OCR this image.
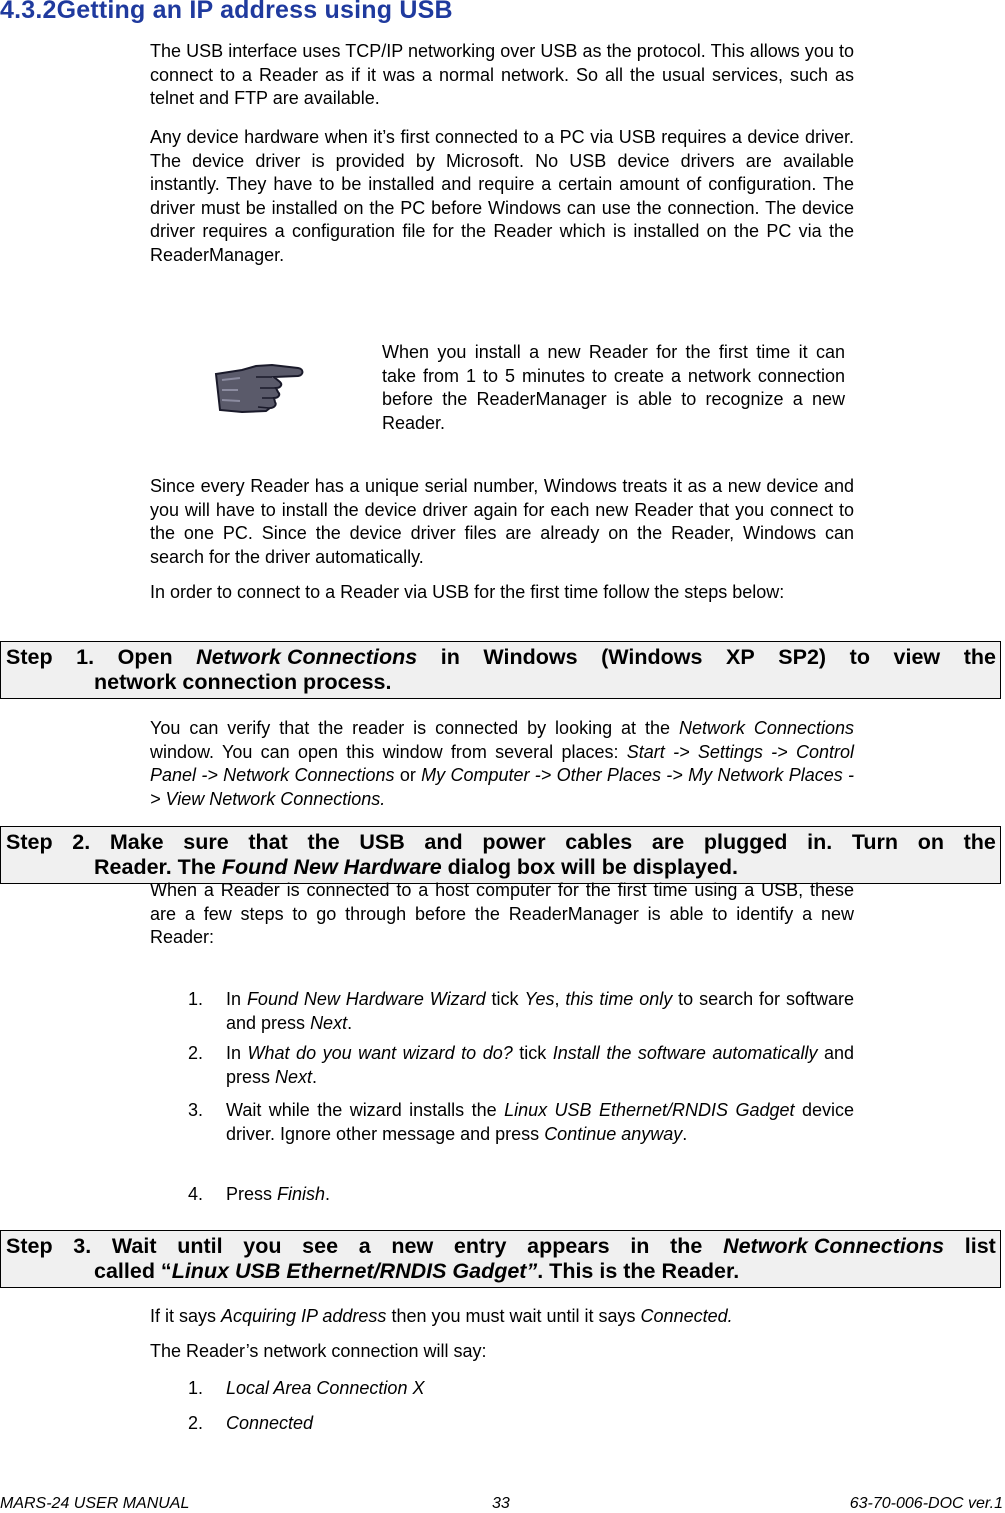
4.3.2Getting an IP address using USB

The USB interface uses TCP/IP networking over USB as the protocol. This allows you to connect to a Reader as if it was a normal network. So all the usual services, such as telnet and FTP are available.

Any device hardware when it’s first connected to a PC via USB requires a device driver. The device driver is provided by Microsoft. No USB device drivers are available instantly. They have to be installed and require a certain amount of configuration. The driver must be installed on the PC before Windows can use the connection. The device driver requires a configuration file for the Reader which is installed on the PC via the ReaderManager.

When you install a new Reader for the first time it can take from 1 to 5 minutes to create a network connection before the ReaderManager is able to recognize a new Reader.

Since every Reader has a unique serial number, Windows treats it as a new device and you will have to install the device driver again for each new Reader that you connect to the one PC. Since the device driver files are already on the Reader, Windows can search for the driver automatically.

In order to connect to a Reader via USB for the first time follow the steps below:

Step 1. Open Network Connections in Windows (Windows XP SP2) to view the
network connection process.

You can verify that the reader is connected by looking at the Network Connections window. You can open this window from several places: Start -> Settings -> Control Panel -> Network Connections or My Computer -> Other Places -> My Network Places -> View Network Connections.

Step 2. Make sure that the USB and power cables are plugged in. Turn on the
Reader. The Found New Hardware dialog box will be displayed.

When a Reader is connected to a host computer for the first time using a USB, these are a few steps to go through before the ReaderManager is able to identify a new Reader:

1. In Found New Hardware Wizard tick Yes, this time only to search for software and press Next.
2. In What do you want wizard to do? tick Install the software automatically and press Next.
3. Wait while the wizard installs the Linux USB Ethernet/RNDIS Gadget device driver. Ignore other message and press Continue anyway.
4. Press Finish.
Step 3. Wait until you see a new entry appears in the Network Connections list
called “Linux USB Ethernet/RNDIS Gadget”. This is the Reader.

If it says Acquiring IP address then you must wait until it says Connected.

The Reader’s network connection will say:

1. Local Area Connection X
2. Connected
MARS-24 USER MANUAL	33	63-70-006-DOC ver.1
